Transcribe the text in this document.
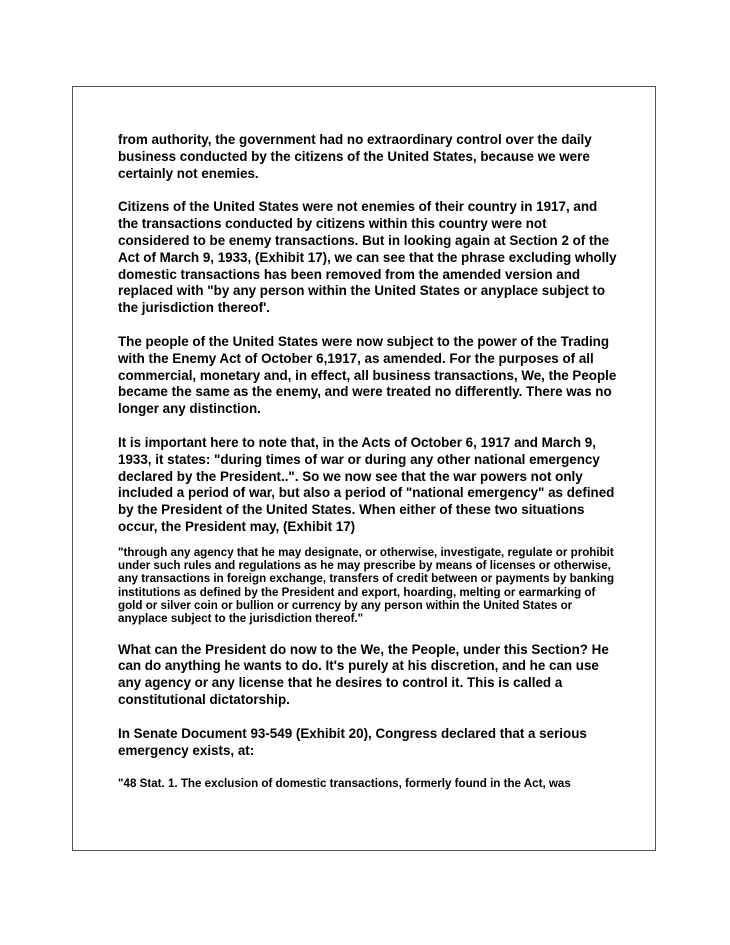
from authority, the government had no extraordinary control over the daily business conducted by the citizens of the United States, because we were certainly not enemies.

Citizens of the United States were not enemies of their country in 1917, and the transactions conducted by citizens within this country were not considered to be enemy transactions. But in looking again at Section 2 of the Act of March 9, 1933, (Exhibit 17), we can see that the phrase excluding wholly domestic transactions has been removed from the amended version and replaced with "by any person within the United States or anyplace subject to the jurisdiction thereof'.

The people of the United States were now subject to the power of the Trading with the Enemy Act of October 6,1917, as amended. For the purposes of all commercial, monetary and, in effect, all business transactions, We, the People became the same as the enemy, and were treated no differently. There was no longer any distinction.

It is important here to note that, in the Acts of October 6, 1917 and March 9, 1933, it states: "during times of war or during any other national emergency declared by the President..". So we now see that the war powers not only included a period of war, but also a period of "national emergency" as defined by the President of the United States. When either of these two situations occur, the President may, (Exhibit 17)

"through any agency that he may designate, or otherwise, investigate, regulate or prohibit under such rules and regulations as he may prescribe by means of licenses or otherwise, any transactions in foreign exchange, transfers of credit between or payments by banking institutions as defined by the President and export, hoarding, melting or earmarking of gold or silver coin or bullion or currency by any person within the United States or anyplace subject to the jurisdiction thereof."

What can the President do now to the We, the People, under this Section? He can do anything he wants to do. It's purely at his discretion, and he can use any agency or any license that he desires to control it. This is called a constitutional dictatorship.

In Senate Document 93-549 (Exhibit 20), Congress declared that a serious emergency exists, at:

"48 Stat. 1. The exclusion of domestic transactions, formerly found in the Act, was
